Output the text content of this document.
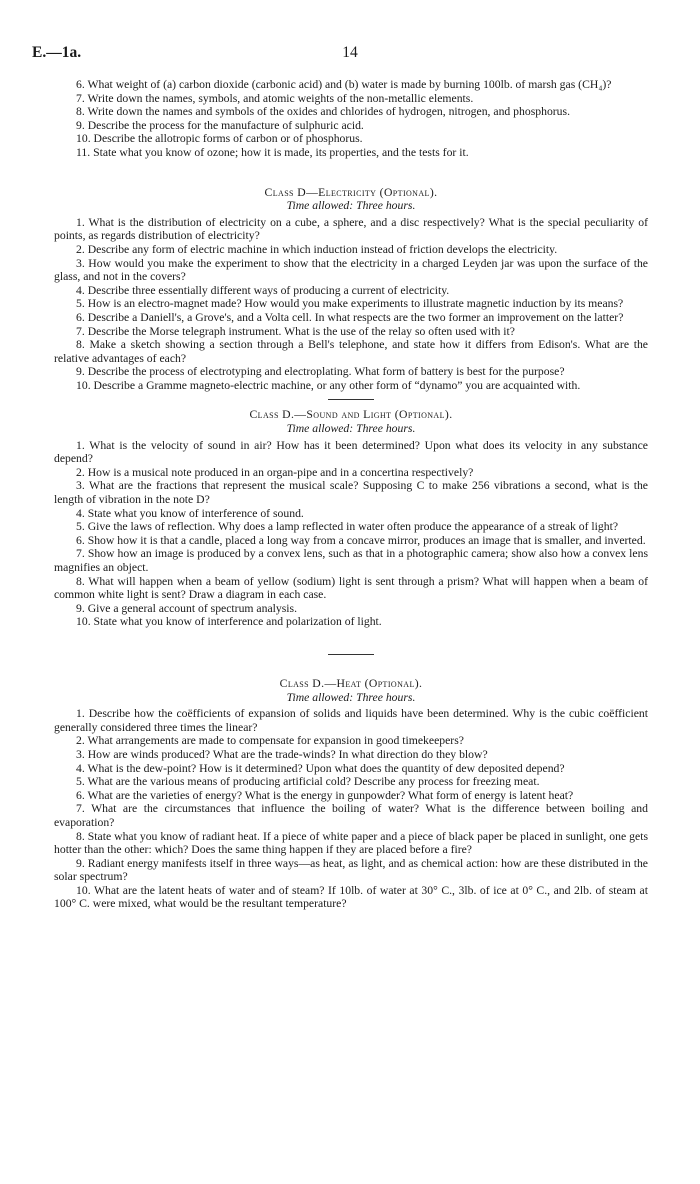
E.—1a.	14

6. What weight of (a) carbon dioxide (carbonic acid) and (b) water is made by burning 100lb. of marsh gas (CH₄)?

7. Write down the names, symbols, and atomic weights of the non-metallic elements.

8. Write down the names and symbols of the oxides and chlorides of hydrogen, nitrogen, and phosphorus.

9. Describe the process for the manufacture of sulphuric acid.

10. Describe the allotropic forms of carbon or of phosphorus.

11. State what you know of ozone; how it is made, its properties, and the tests for it.

Class D—Electricity (Optional).

Time allowed: Three hours.

1. What is the distribution of electricity on a cube, a sphere, and a disc respectively? What is the special peculiarity of points, as regards distribution of electricity?

2. Describe any form of electric machine in which induction instead of friction develops the electricity.

3. How would you make the experiment to show that the electricity in a charged Leyden jar was upon the surface of the glass, and not in the covers?

4. Describe three essentially different ways of producing a current of electricity.

5. How is an electro-magnet made? How would you make experiments to illustrate magnetic induction by its means?

6. Describe a Daniell's, a Grove's, and a Volta cell. In what respects are the two former an improvement on the latter?

7. Describe the Morse telegraph instrument. What is the use of the relay so often used with it?

8. Make a sketch showing a section through a Bell's telephone, and state how it differs from Edison's. What are the relative advantages of each?

9. Describe the process of electrotyping and electroplating. What form of battery is best for the purpose?

10. Describe a Gramme magneto-electric machine, or any other form of “dynamo” you are acquainted with.

Class D.—Sound and Light (Optional).

Time allowed: Three hours.

1. What is the velocity of sound in air? How has it been determined? Upon what does its velocity in any substance depend?

2. How is a musical note produced in an organ-pipe and in a concertina respectively?

3. What are the fractions that represent the musical scale? Supposing C to make 256 vibrations a second, what is the length of vibration in the note D?

4. State what you know of interference of sound.

5. Give the laws of reflection. Why does a lamp reflected in water often produce the appearance of a streak of light?

6. Show how it is that a candle, placed a long way from a concave mirror, produces an image that is smaller, and inverted.

7. Show how an image is produced by a convex lens, such as that in a photographic camera; show also how a convex lens magnifies an object.

8. What will happen when a beam of yellow (sodium) light is sent through a prism? What will happen when a beam of common white light is sent? Draw a diagram in each case.

9. Give a general account of spectrum analysis.

10. State what you know of interference and polarization of light.

Class D.—Heat (Optional).

Time allowed: Three hours.

1. Describe how the coëfficients of expansion of solids and liquids have been determined. Why is the cubic coëfficient generally considered three times the linear?

2. What arrangements are made to compensate for expansion in good timekeepers?

3. How are winds produced? What are the trade-winds? In what direction do they blow?

4. What is the dew-point? How is it determined? Upon what does the quantity of dew deposited depend?

5. What are the various means of producing artificial cold? Describe any process for freezing meat.

6. What are the varieties of energy? What is the energy in gunpowder? What form of energy is latent heat?

7. What are the circumstances that influence the boiling of water? What is the difference between boiling and evaporation?

8. State what you know of radiant heat. If a piece of white paper and a piece of black paper be placed in sunlight, one gets hotter than the other: which? Does the same thing happen if they are placed before a fire?

9. Radiant energy manifests itself in three ways—as heat, as light, and as chemical action: how are these distributed in the solar spectrum?

10. What are the latent heats of water and of steam? If 10lb. of water at 30° C., 3lb. of ice at 0° C., and 2lb. of steam at 100° C. were mixed, what would be the resultant temperature?
